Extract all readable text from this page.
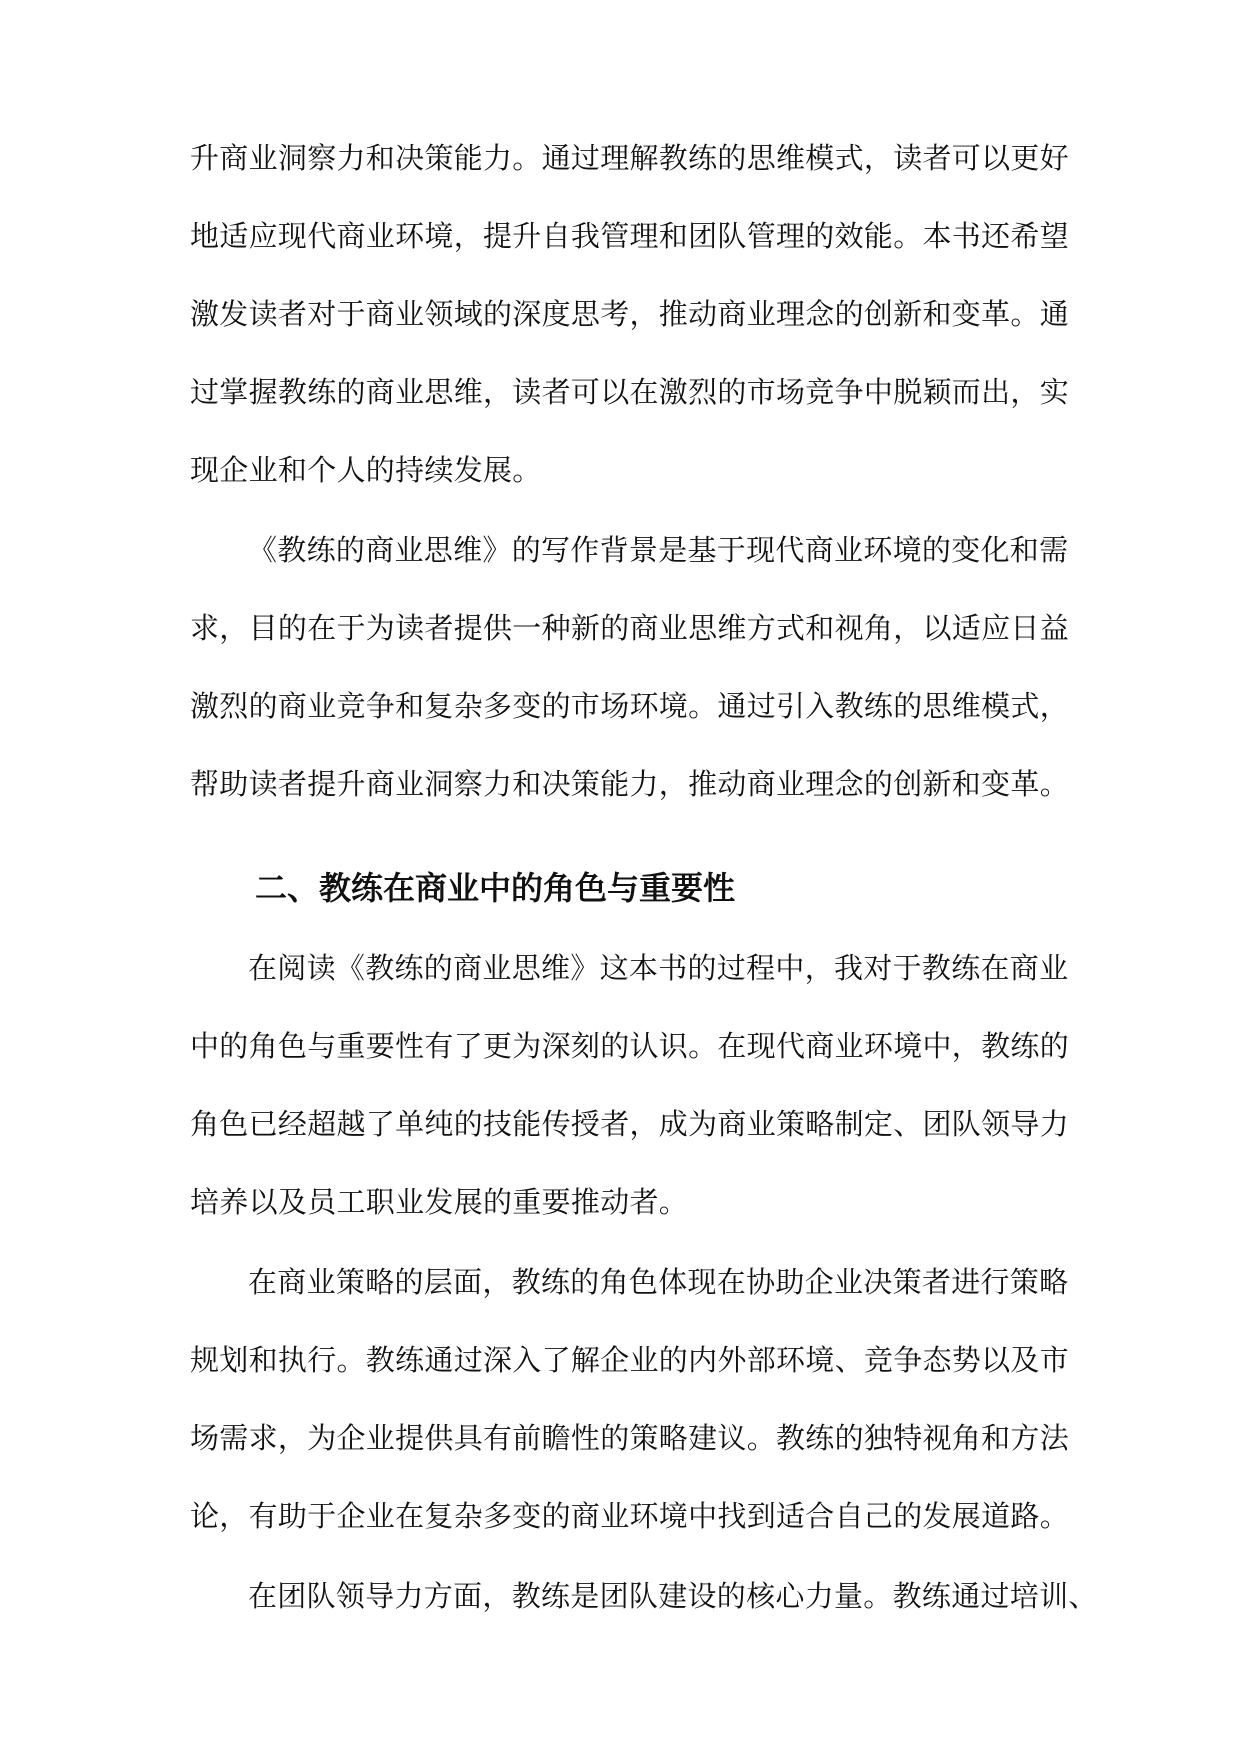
升商业洞察力和决策能力。通过理解教练的思维模式，读者可以更好
地适应现代商业环境，提升自我管理和团队管理的效能。本书还希望
激发读者对于商业领域的深度思考，推动商业理念的创新和变革。通
过掌握教练的商业思维，读者可以在激烈的市场竞争中脱颖而出，实
现企业和个人的持续发展。
《教练的商业思维》的写作背景是基于现代商业环境的变化和需
求，目的在于为读者提供一种新的商业思维方式和视角，以适应日益
激烈的商业竞争和复杂多变的市场环境。通过引入教练的思维模式，
帮助读者提升商业洞察力和决策能力，推动商业理念的创新和变革。
二、教练在商业中的角色与重要性
在阅读《教练的商业思维》这本书的过程中，我对于教练在商业
中的角色与重要性有了更为深刻的认识。在现代商业环境中，教练的
角色已经超越了单纯的技能传授者，成为商业策略制定、团队领导力
培养以及员工职业发展的重要推动者。
在商业策略的层面，教练的角色体现在协助企业决策者进行策略
规划和执行。教练通过深入了解企业的内外部环境、竞争态势以及市
场需求，为企业提供具有前瞻性的策略建议。教练的独特视角和方法
论，有助于企业在复杂多变的商业环境中找到适合自己的发展道路。
在团队领导力方面，教练是团队建设的核心力量。教练通过培训、
